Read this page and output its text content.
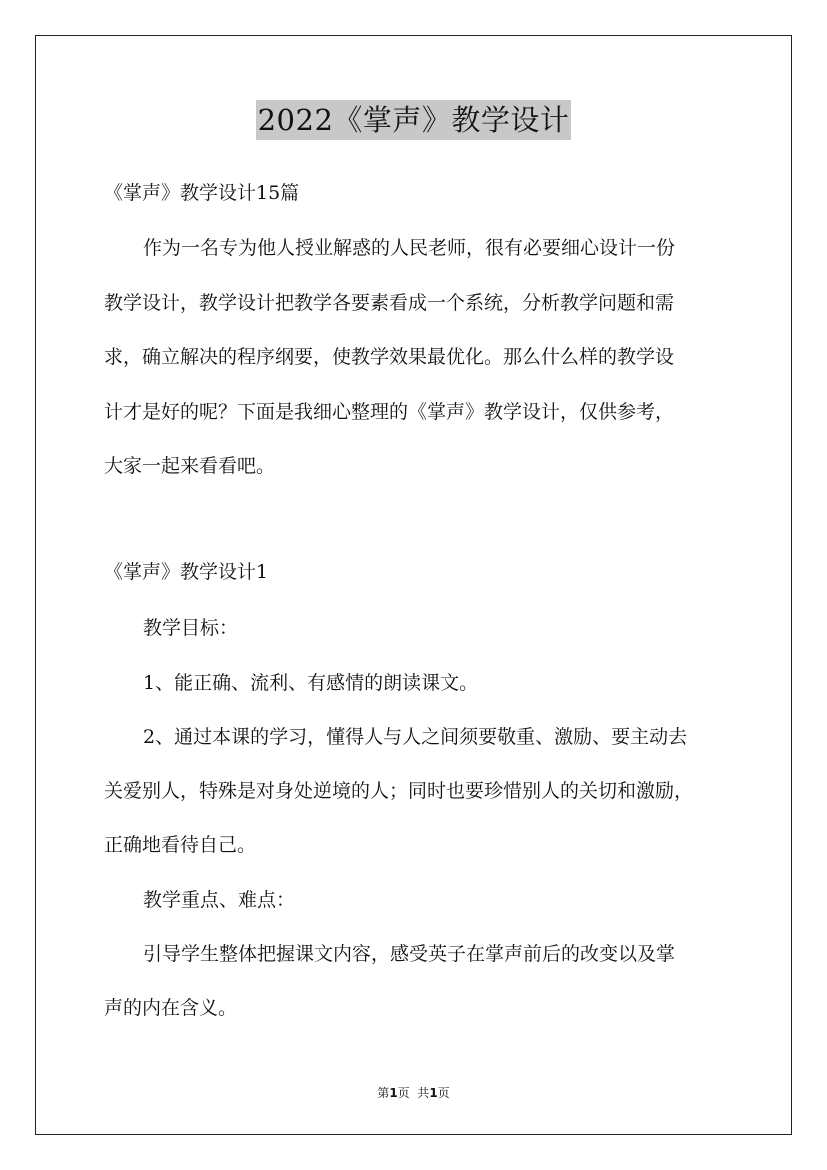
2022《掌声》教学设计
《掌声》教学设计15篇
作为一名专为他人授业解惑的人民老师，很有必要细心设计一份
教学设计，教学设计把教学各要素看成一个系统，分析教学问题和需
求，确立解决的程序纲要，使教学效果最优化。那么什么样的教学设
计才是好的呢？下面是我细心整理的《掌声》教学设计，仅供参考，
大家一起来看看吧。
《掌声》教学设计1
教学目标：
1、能正确、流利、有感情的朗读课文。
2、通过本课的学习，懂得人与人之间须要敬重、激励、要主动去
关爱别人，特殊是对身处逆境的人；同时也要珍惜别人的关切和激励，
正确地看待自己。
教学重点、难点：
引导学生整体把握课文内容，感受英子在掌声前后的改变以及掌
声的内在含义。
第1页  共1页
